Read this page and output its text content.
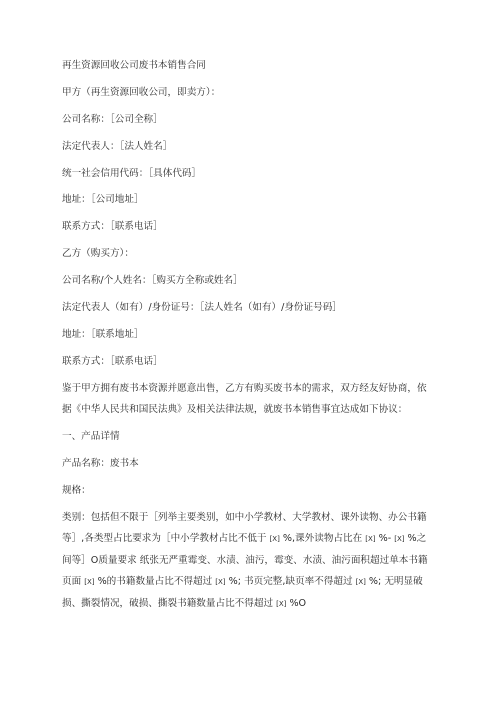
再生资源回收公司废书本销售合同
甲方（再生资源回收公司，即卖方）：
公司名称：［公司全称］
法定代表人：［法人姓名］
统一社会信用代码：［具体代码］
地址：［公司地址］
联系方式：［联系电话］
乙方（购买方）：
公司名称/个人姓名：［购买方全称或姓名］
法定代表人（如有）/身份证号：［法人姓名（如有）/身份证号码］
地址：［联系地址］
联系方式：［联系电话］
鉴于甲方拥有废书本资源并愿意出售，乙方有购买废书本的需求，双方经友好协商，依
据《中华人民共和国民法典》及相关法律法规，就废书本销售事宜达成如下协议：
一、产品详情
产品名称：废书本
规格：
类别：包括但不限于［列举主要类别，如中小学教材、大学教材、课外读物、办公书籍
等］,各类型占比要求为［中小学教材占比不低于 [X] %,课外读物占比在 [X] %- [X] %之
间等］O质量要求 纸张无严重霉变、水渍、油污，霉变、水渍、油污面积超过单本书籍
页面 [X] %的书籍数量占比不得超过 [X] %; 书页完整,缺页率不得超过 [X] %; 无明显破
损、撕裂情况，破损、撕裂书籍数量占比不得超过 [X] %O
